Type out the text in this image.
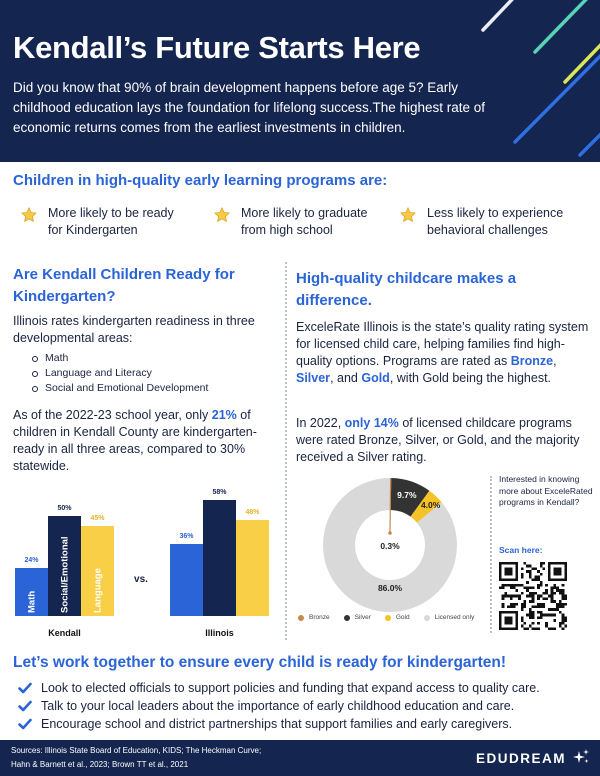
Kendall’s Future Starts Here

Did you know that 90% of brain development happens before age 5? Early childhood education lays the foundation for lifelong success.The highest rate of economic returns comes from the earliest investments in children.

Children in high-quality early learning programs are:
More likely to be ready
for Kindergarten
More likely to graduate
from high school
Less likely to experience
behavioral challenges
Are Kendall Children Ready for Kindergarten?

Illinois rates kindergarten readiness in three developmental areas:

Math
Language and Literacy
Social and Emotional Development

As of the 2022-23 school year, only 21% of children in Kendall County are kindergarten-ready in all three areas, compared to 30% statewide.

24%
Math
50%
Social/Emotional
45%
Language
Kendall
36%
58%
48%
Illinois
vs.
High-quality childcare makes a difference.

ExceleRate Illinois is the state’s quality rating system for licensed child care, helping families find high-quality options. Programs are rated as Bronze, Silver, and Gold, with Gold being the highest.

In 2022, only 14% of licensed childcare programs were rated Bronze, Silver, or Gold, and the majority received a Silver rating.

0.3%
9.7%
4.0%
86.0%
Bronze	Silver	Gold	Licensed only
Interested in knowing more about ExceleRated programs in Kendall?
Scan here:
Let’s work together to ensure every child is ready for kindergarten!
Look to elected officials to support policies and funding that expand access to quality care.
Talk to your local leaders about the importance of early childhood education and care.
Encourage school and district partnerships that support families and early caregivers.
Sources: Illinois State Board of Education, KIDS; The Heckman Curve;
Hahn & Barnett et al., 2023; Brown TT et al., 2021	EDUDREAM
